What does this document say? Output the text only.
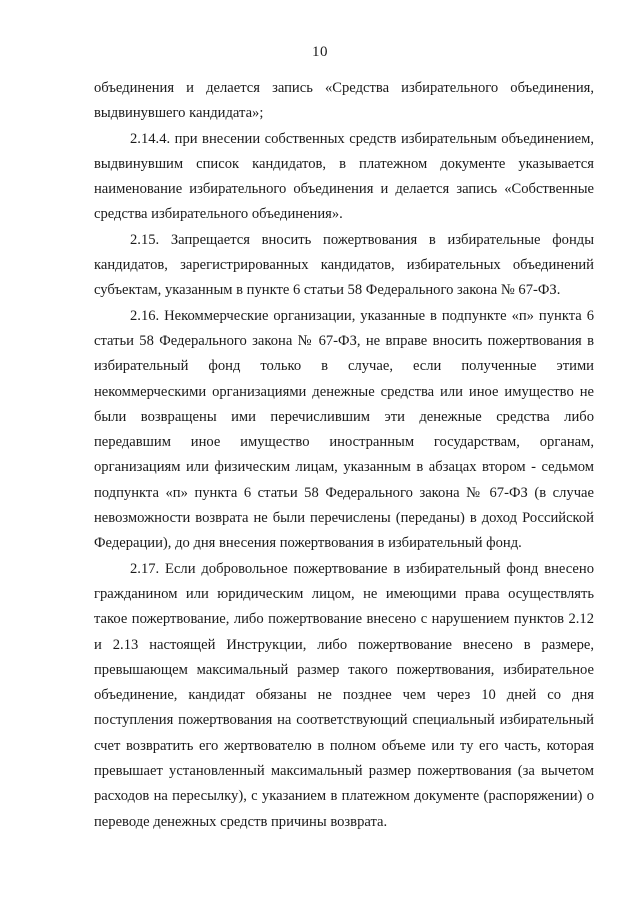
10

объединения и делается запись «Средства избирательного объединения, выдвинувшего кандидата»;

2.14.4. при внесении собственных средств избирательным объединением, выдвинувшим список кандидатов, в платежном документе указывается наименование избирательного объединения и делается запись «Собственные средства избирательного объединения».

2.15. Запрещается вносить пожертвования в избирательные фонды кандидатов, зарегистрированных кандидатов, избирательных объединений субъектам, указанным в пункте 6 статьи 58 Федерального закона № 67-ФЗ.

2.16. Некоммерческие организации, указанные в подпункте «п» пункта 6 статьи 58 Федерального закона № 67-ФЗ, не вправе вносить пожертвования в избирательный фонд только в случае, если полученные этими некоммерческими организациями денежные средства или иное имущество не были возвращены ими перечислившим эти денежные средства либо передавшим иное имущество иностранным государствам, органам, организациям или физическим лицам, указанным в абзацах втором - седьмом подпункта «п» пункта 6 статьи 58 Федерального закона № 67-ФЗ (в случае невозможности возврата не были перечислены (переданы) в доход Российской Федерации), до дня внесения пожертвования в избирательный фонд.

2.17. Если добровольное пожертвование в избирательный фонд внесено гражданином или юридическим лицом, не имеющими права осуществлять такое пожертвование, либо пожертвование внесено с нарушением пунктов 2.12 и 2.13 настоящей Инструкции, либо пожертвование внесено в размере, превышающем максимальный размер такого пожертвования, избирательное объединение, кандидат обязаны не позднее чем через 10 дней со дня поступления пожертвования на соответствующий специальный избирательный счет возвратить его жертвователю в полном объеме или ту его часть, которая превышает установленный максимальный размер пожертвования (за вычетом расходов на пересылку), с указанием в платежном документе (распоряжении) о переводе денежных средств причины возврата.
